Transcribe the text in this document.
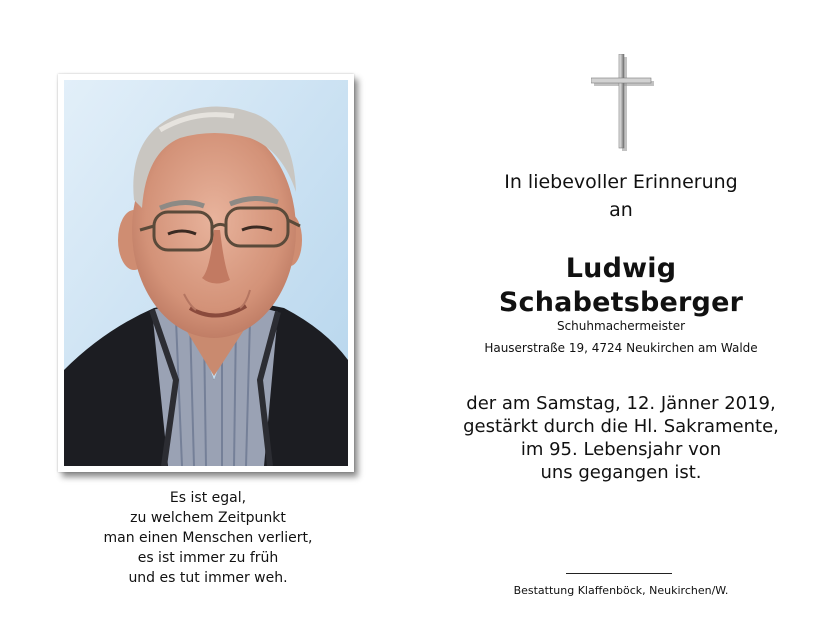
Es ist egal,
zu welchem Zeitpunkt
man einen Menschen verliert,
es ist immer zu früh
und es tut immer weh.
In liebevoller Erinnerung
an
Ludwig
Schabetsberger
Schuhmachermeister
Hauserstraße 19, 4724 Neukirchen am Walde
der am Samstag, 12. Jänner 2019,
gestärkt durch die Hl. Sakramente,
im 95. Lebensjahr von
uns gegangen ist.
Bestattung Klaffenböck, Neukirchen/W.
